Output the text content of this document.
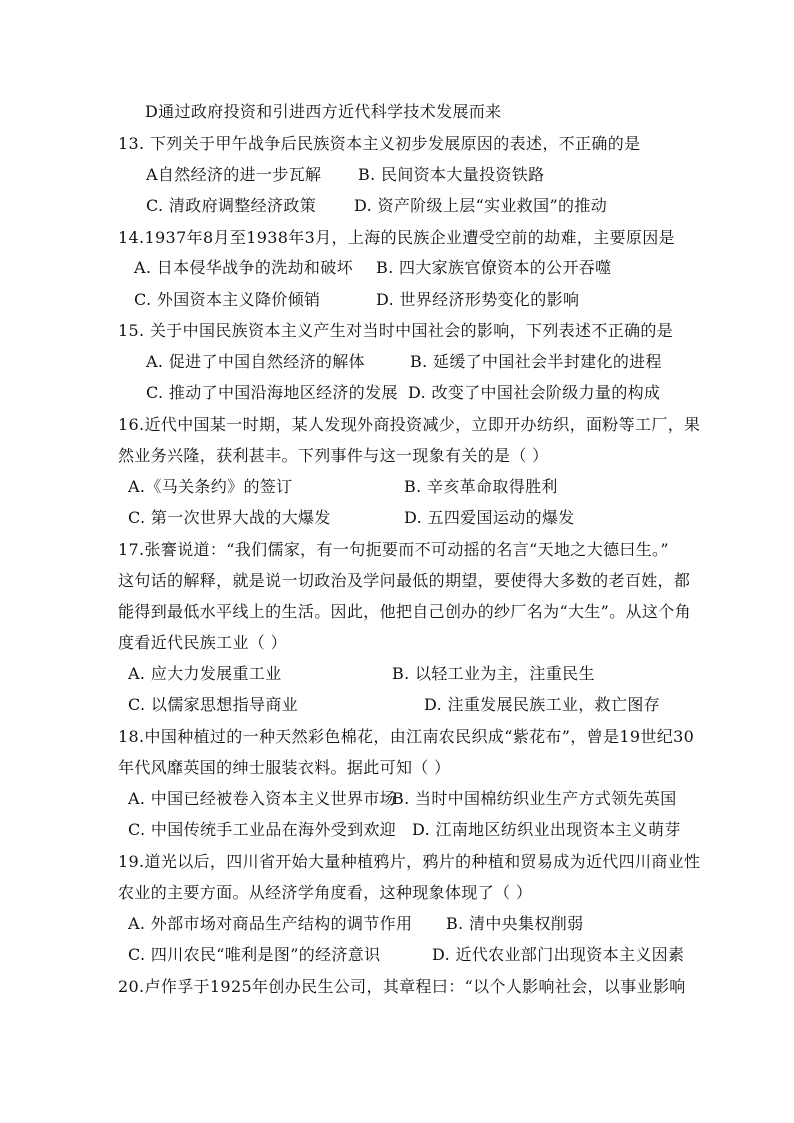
D通过政府投资和引进西方近代科学技术发展而来
13. 下列关于甲午战争后民族资本主义初步发展原因的表述，不正确的是
A自然经济的进一步瓦解 B. 民间资本大量投资铁路
C. 清政府调整经济政策 D. 资产阶级上层“实业救国”的推动
14.1937年8月至1938年3月，上海的民族企业遭受空前的劫难，主要原因是
A. 日本侵华战争的洗劫和破坏 B. 四大家族官僚资本的公开吞噬
C. 外国资本主义降价倾销	D. 世界经济形势变化的影响
15. 关于中国民族资本主义产生对当时中国社会的影响，下列表述不正确的是
A. 促进了中国自然经济的解体	B. 延缓了中国社会半封建化的进程
C. 推动了中国沿海地区经济的发展 D. 改变了中国社会阶级力量的构成
16.近代中国某一时期，某人发现外商投资减少，立即开办纺织，面粉等工厂，果
然业务兴隆，获利甚丰。下列事件与这一现象有关的是（ ）
A.《马关条约》的签订	B. 辛亥革命取得胜利
C. 第一次世界大战的大爆发	D. 五四爱国运动的爆发
17.张謇说道：“我们儒家，有一句扼要而不可动摇的名言“天地之大德曰生。”
这句话的解释，就是说一切政治及学问最低的期望，要使得大多数的老百姓，都
能得到最低水平线上的生活。因此，他把自己创办的纱厂名为“大生”。从这个角
度看近代民族工业（ ）
A. 应大力发展重工业	B. 以轻工业为主，注重民生
C. 以儒家思想指导商业	D. 注重发展民族工业，救亡图存
18.中国种植过的一种天然彩色棉花，由江南农民织成“紫花布”，曾是19世纪30
年代风靡英国的绅士服装衣料。据此可知（ ）
A. 中国已经被卷入资本主义世界市场
B. 当时中国棉纺织业生产方式领先英国
C. 中国传统手工业品在海外受到欢迎 D. 江南地区纺织业出现资本主义萌芽
19.道光以后，四川省开始大量种植鸦片，鸦片的种植和贸易成为近代四川商业性
农业的主要方面。从经济学角度看，这种现象体现了（ ）
A. 外部市场对商品生产结构的调节作用 B. 清中央集权削弱
C. 四川农民“唯利是图”的经济意识	D. 近代农业部门出现资本主义因素
20.卢作孚于1925年创办民生公司，其章程曰：“以个人影响社会，以事业影响
